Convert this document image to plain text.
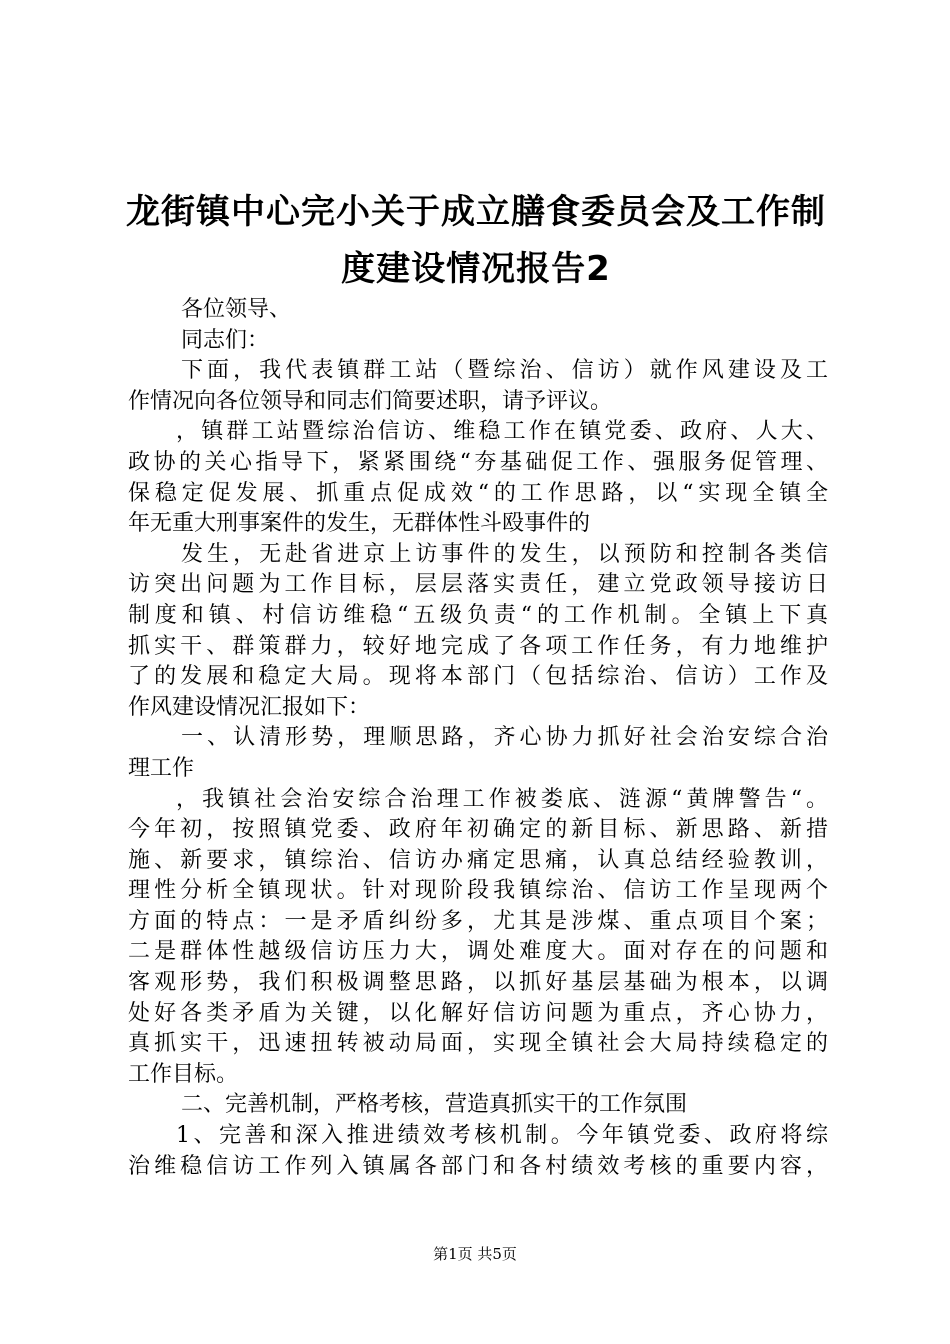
龙街镇中心完小关于成立膳食委员会及工作制
度建设情况报告2
各位领导、
同志们：
下面，我代表镇群工站（暨综治、信访）就作风建设及工
作情况向各位领导和同志们简要述职，请予评议。
，镇群工站暨综治信访、维稳工作在镇党委、政府、人大、
政协的关心指导下，紧紧围绕“夯基础促工作、强服务促管理、
保稳定促发展、抓重点促成效“的工作思路，以“实现全镇全
年无重大刑事案件的发生，无群体性斗殴事件的
发生，无赴省进京上访事件的发生，以预防和控制各类信
访突出问题为工作目标，层层落实责任，建立党政领导接访日
制度和镇、村信访维稳“五级负责“的工作机制。全镇上下真
抓实干、群策群力，较好地完成了各项工作任务，有力地维护
了的发展和稳定大局。现将本部门（包括综治、信访）工作及
作风建设情况汇报如下：
一、认清形势，理顺思路，齐心协力抓好社会治安综合治
理工作
，我镇社会治安综合治理工作被娄底、涟源“黄牌警告“。
今年初，按照镇党委、政府年初确定的新目标、新思路、新措
施、新要求，镇综治、信访办痛定思痛，认真总结经验教训，
理性分析全镇现状。针对现阶段我镇综治、信访工作呈现两个
方面的特点：一是矛盾纠纷多，尤其是涉煤、重点项目个案；
二是群体性越级信访压力大，调处难度大。面对存在的问题和
客观形势，我们积极调整思路，以抓好基层基础为根本，以调
处好各类矛盾为关键，以化解好信访问题为重点，齐心协力，
真抓实干，迅速扭转被动局面，实现全镇社会大局持续稳定的
工作目标。
二、完善机制，严格考核，营造真抓实干的工作氛围
1、完善和深入推进绩效考核机制。今年镇党委、政府将综
治维稳信访工作列入镇属各部门和各村绩效考核的重要内容，
第1页 共5页
